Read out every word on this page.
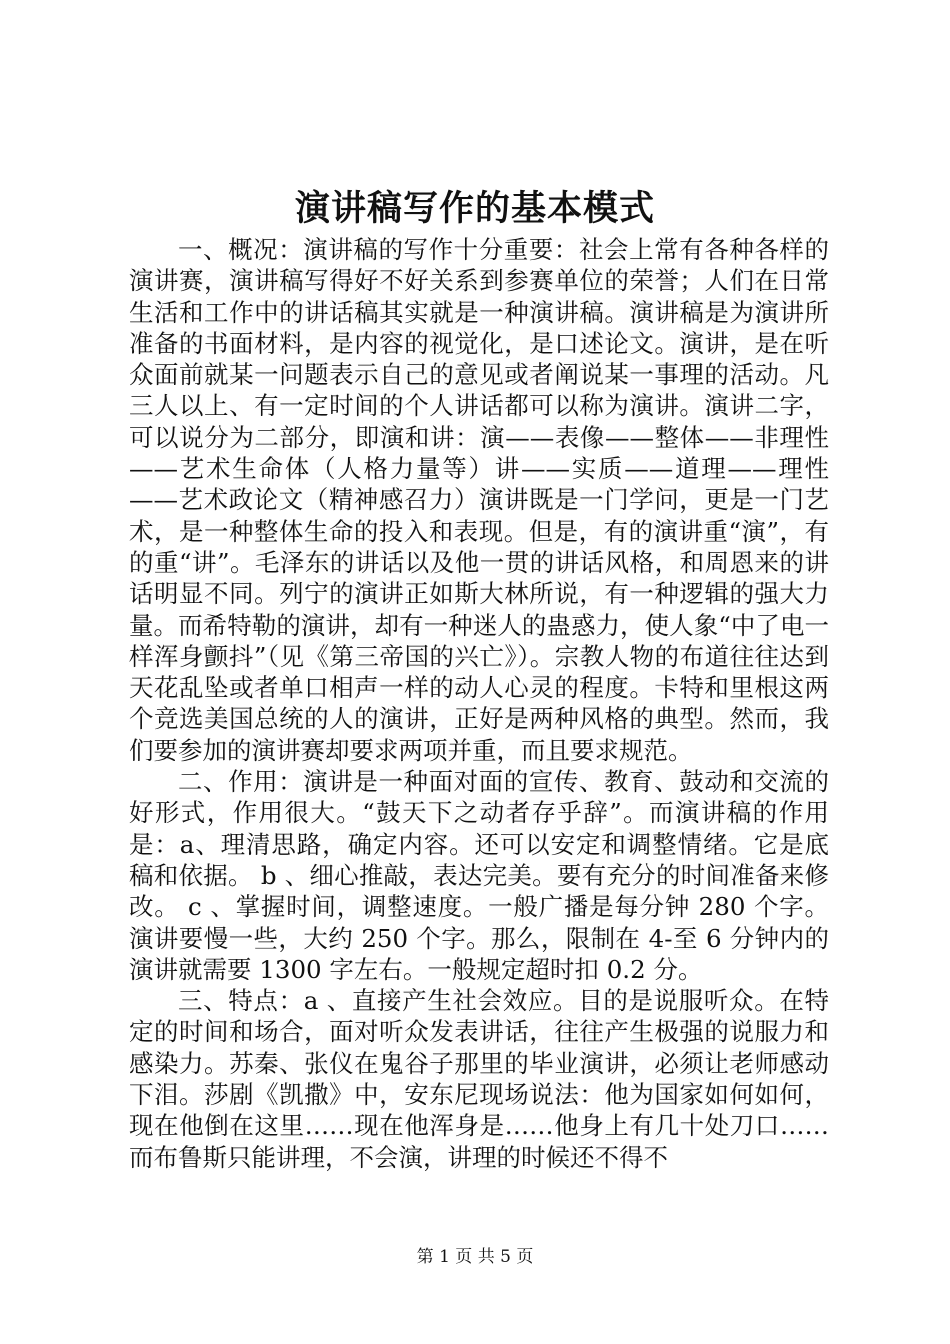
演讲稿写作的基本模式

一、概况：演讲稿的写作十分重要：社会上常有各种各样的演讲赛，演讲稿写得好不好关系到参赛单位的荣誉；人们在日常生活和工作中的讲话稿其实就是一种演讲稿。演讲稿是为演讲所准备的书面材料，是内容的视觉化，是口述论文。演讲，是在听众面前就某一问题表示自己的意见或者阐说某一事理的活动。凡三人以上、有一定时间的个人讲话都可以称为演讲。演讲二字，可以说分为二部分，即演和讲：演——表像——整体——非理性——艺术生命体（人格力量等）讲——实质——道理——理性——艺术政论文（精神感召力）演讲既是一门学问，更是一门艺术，是一种整体生命的投入和表现。但是，有的演讲重“演”，有的重“讲”。毛泽东的讲话以及他一贯的讲话风格，和周恩来的讲话明显不同。列宁的演讲正如斯大林所说，有一种逻辑的强大力量。而希特勒的演讲，却有一种迷人的蛊惑力，使人象“中了电一样浑身颤抖”（见《第三帝国的兴亡》）。宗教人物的布道往往达到天花乱坠或者单口相声一样的动人心灵的程度。卡特和里根这两个竞选美国总统的人的演讲，正好是两种风格的典型。然而，我们要参加的演讲赛却要求两项并重，而且要求规范。

二、作用：演讲是一种面对面的宣传、教育、鼓动和交流的好形式，作用很大。“鼓天下之动者存乎辞”。而演讲稿的作用是：a、理清思路，确定内容。还可以安定和调整情绪。它是底稿和依据。 b 、细心推敲，表达完美。要有充分的时间准备来修改。 c 、掌握时间，调整速度。一般广播是每分钟 280 个字。演讲要慢一些，大约 250 个字。那么，限制在 4-至 6 分钟内的演讲就需要 1300 字左右。一般规定超时扣 0.2 分。

三、特点：a 、直接产生社会效应。目的是说服听众。在特定的时间和场合，面对听众发表讲话，往往产生极强的说服力和感染力。苏秦、张仪在鬼谷子那里的毕业演讲，必须让老师感动下泪。莎剧《凯撒》中，安东尼现场说法：他为国家如何如何，现在他倒在这里……现在他浑身是……他身上有几十处刀口……而布鲁斯只能讲理，不会演，讲理的时候还不得不

第 1 页 共 5 页
